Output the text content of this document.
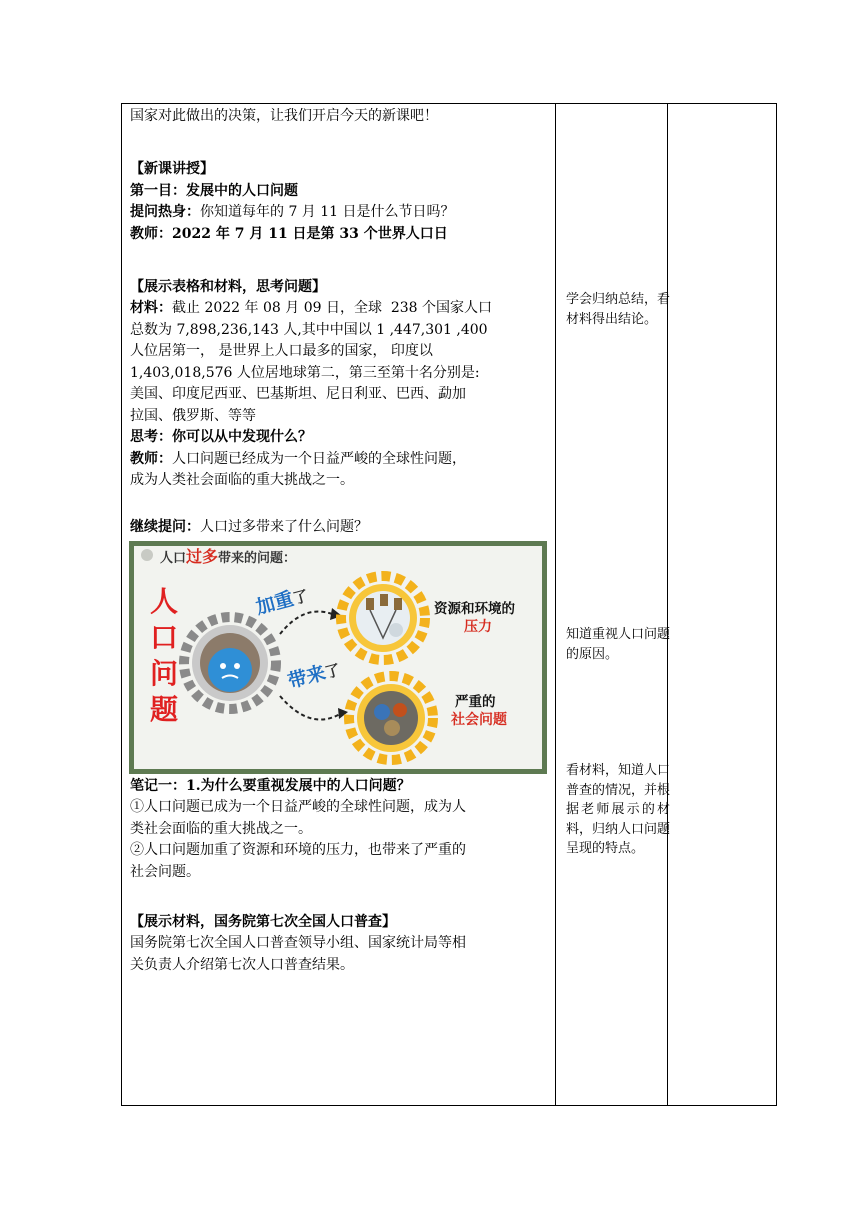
国家对此做出的决策，让我们开启今天的新课吧！

【新课讲授】

第一目：发展中的人口问题

提问热身：你知道每年的 7 月 11 日是什么节日吗？

教师：2022 年 7 月 11 日是第 33 个世界人口日

【展示表格和材料，思考问题】

材料：截止 2022 年 08 月 09 日，全球  238 个国家人口

总数为 7,898,236,143 人,其中中国以 1 ,447,301 ,400

人位居第一， 是世界上人口最多的国家， 印度以

1,403,018,576 人位居地球第二，第三至第十名分别是:

美国、印度尼西亚、巴基斯坦、尼日利亚、巴西、勐加

拉国、俄罗斯、等等

思考：你可以从中发现什么？

教师：人口问题已经成为一个日益严峻的全球性问题，

成为人类社会面临的重大挑战之一。

继续提问：人口过多带来了什么问题？

人口过多带来的问题：
人
口
问
题
加重了
带来了
资源和环境的
压力
严重的
社会问题

笔记一：1.为什么要重视发展中的人口问题？

①人口问题已成为一个日益严峻的全球性问题，成为人

类社会面临的重大挑战之一。

②人口问题加重了资源和环境的压力，也带来了严重的

社会问题。

【展示材料，国务院第七次全国人口普查】

国务院第七次全国人口普查领导小组、国家统计局等相

关负责人介绍第七次人口普查结果。

学会归纳总结，看材料得出结论。

知道重视人口问题的原因。

看材料，知道人口普查的情况，并根据老师展示的材料，归纳人口问题呈现的特点。
